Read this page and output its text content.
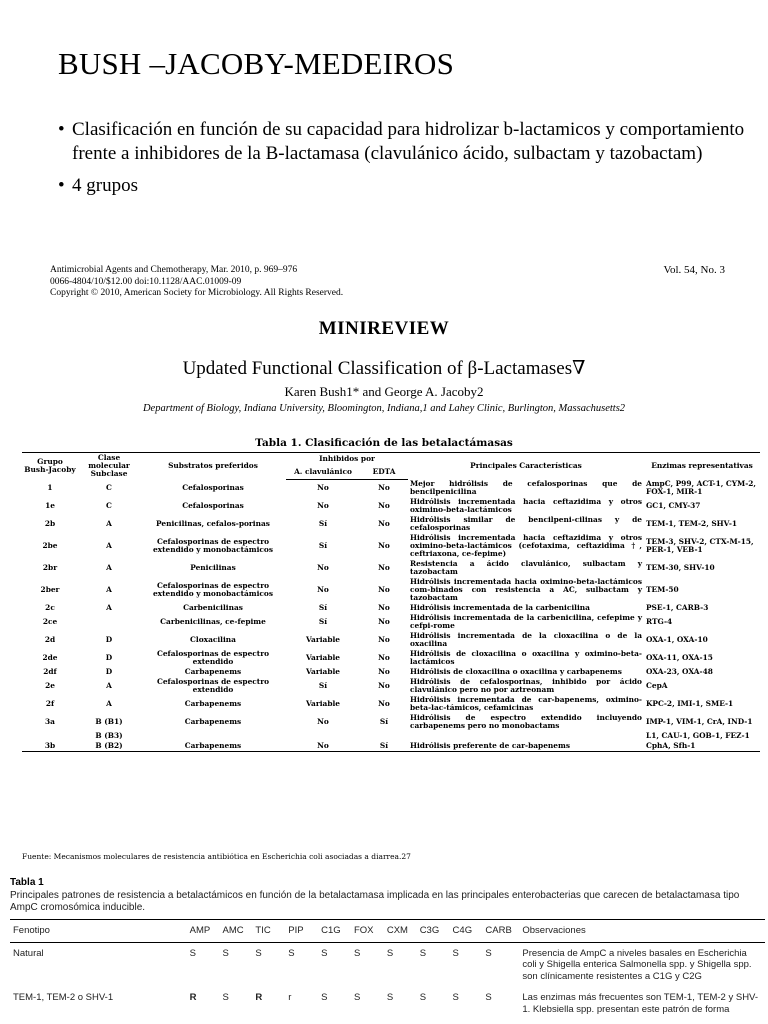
BUSH –JACOBY-MEDEIROS
• Clasificación en función de su capacidad para hidrolizar b-lactamicos y comportamiento frente a inhibidores de la B-lactamasa (clavulánico ácido, sulbactam y tazobactam)
• 4 grupos
Antimicrobial Agents and Chemotherapy, Mar. 2010, p. 969–976
0066-4804/10/$12.00 doi:10.1128/AAC.01009-09
Copyright © 2010, American Society for Microbiology. All Rights Reserved.
Vol. 54, No. 3
MINIREVIEW
Updated Functional Classification of β-Lactamases∇
Karen Bush1* and George A. Jacoby2
Department of Biology, Indiana University, Bloomington, Indiana,1 and Lahey Clinic, Burlington, Massachusetts2
Tabla 1. Clasificación de las betalactámasas
Grupo Bush-Jacoby	Clase molecular Subclase	Substratos preferidos	Inhibidos por		Principales Características	Enzimas representativas
			A. clavulánico	EDTA		
1	C	Cefalosporinas	No	No	Mejor hidrólisis de cefalosporinas que de bencilpenicilina	AmpC, P99, ACT-1, CYM-2, FOX-1, MIR-1
1e	C	Cefalosporinas	No	No	Hidrólisis incrementada hacia ceftazidima y otros oximino-beta-lactámicos	GC1, CMY-37
2b	A	Penicilinas, cefalos-porinas	Sí	No	Hidrólisis similar de bencilpeni-cilinas y de cefalosporinas	TEM-1, TEM-2, SHV-1
2be	A	Cefalosporinas de espectro extendido y monobactámicos	Sí	No	Hidrólisis incrementada hacia ceftazidima y otros oximino-beta-lactámicos (cefotaxima, ceftazidima †, ceftriaxona, ce-fepime)	TEM-3, SHV-2, CTX-M-15, PER-1, VEB-1
2br	A	Penicilinas	No	No	Resistencia a ácido clavulánico, sulbactam y tazobactam	TEM-30, SHV-10
2ber	A	Cefalosporinas de espectro extendido y monobactámicos	No	No	Hidrólisis incrementada hacia oximino-beta-lactámicos com-binados con resistencia a AC, sulbactam y tazobactam	TEM-50
2c	A	Carbenicilinas	Sí	No	Hidrólisis incrementada de la carbenicilina	PSE-1, CARB-3
2ce		Carbenicilinas, ce-fepime	Sí	No	Hidrólisis incrementada de la carbenicilina, cefepime y cefpi-rome	RTG-4
2d	D	Cloxacilina	Variable	No	Hidrólisis incrementada de la cloxacilina o de la oxacilina	OXA-1, OXA-10
2de	D	Cefalosporinas de espectro extendido	Variable	No	Hidrólisis de cloxacilina o oxacilina y oximino-beta-lactámicos	OXA-11, OXA-15
2df	D	Carbapenems	Variable	No	Hidrólisis de cloxacilina o oxacilina y carbapenems	OXA-23, OXA-48
2e	A	Cefalosporinas de espectro extendido	Sí	No	Hidrólisis de cefalosporinas, inhibido por ácido clavulánico pero no por aztreonam	CepA
2f	A	Carbapenems	Variable	No	Hidrólisis incrementada de car-bapenems, oximino-beta-lac-támicos, cefamicinas	KPC-2, IMI-1, SME-1
3a	B (B1)	Carbapenems	No	Sí	Hidrólisis de espectro extendido incluyendo carbapenems pero no monobactams	IMP-1, VIM-1, CrA, IND-1
	B (B3)					L1, CAU-1, GOB-1, FEZ-1
3b	B (B2)	Carbapenems	No	Sí	Hidrólisis preferente de car-bapenems	CphA, Sfh-1
Fuente: Mecanismos moleculares de resistencia antibiótica en Escherichia coli asociadas a diarrea.27
Tabla 1
Principales patrones de resistencia a betalactámicos en función de la betalactamasa implicada en las principales enterobacterias que carecen de betalactamasa tipo AmpC cromosómica inducible.
Fenotipo	AMP	AMC	TIC	PIP	C1G	FOX	CXM	C3G	C4G	CARB	Observaciones
Natural	S	S	S	S	S	S	S	S	S	S	Presencia de AmpC a niveles basales en Escherichia coli y Shigella enterica Salmonella spp. y Shigella spp. son clínicamente resistentes a C1G y C2G
TEM-1, TEM-2 o SHV-1	R	S	R	r	S	S	S	S	S	S	Las enzimas más frecuentes son TEM-1, TEM-2 y SHV-1. Klebsiella spp. presentan este patrón de forma
